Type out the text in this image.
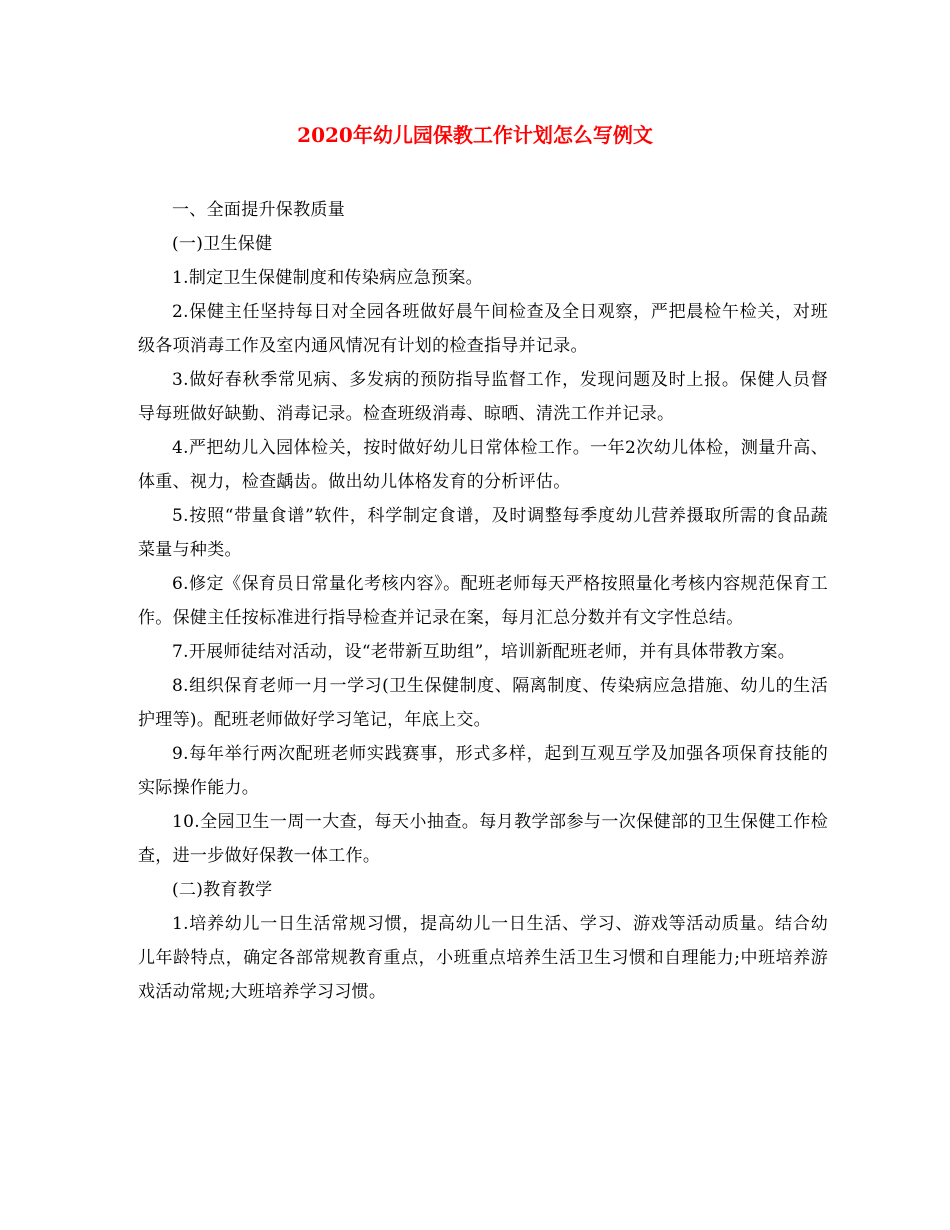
2020年幼儿园保教工作计划怎么写例文

一、全面提升保教质量

(一)卫生保健

1.制定卫生保健制度和传染病应急预案。

2.保健主任坚持每日对全园各班做好晨午间检查及全日观察，严把晨检午检关，对班级各项消毒工作及室内通风情况有计划的检查指导并记录。

3.做好春秋季常见病、多发病的预防指导监督工作，发现问题及时上报。保健人员督导每班做好缺勤、消毒记录。检查班级消毒、晾晒、清洗工作并记录。

4.严把幼儿入园体检关，按时做好幼儿日常体检工作。一年2次幼儿体检，测量升高、体重、视力，检查龋齿。做出幼儿体格发育的分析评估。

5.按照“带量食谱”软件，科学制定食谱，及时调整每季度幼儿营养摄取所需的食品蔬菜量与种类。

6.修定《保育员日常量化考核内容》。配班老师每天严格按照量化考核内容规范保育工作。保健主任按标准进行指导检查并记录在案，每月汇总分数并有文字性总结。

7.开展师徒结对活动，设“老带新互助组”，培训新配班老师，并有具体带教方案。

8.组织保育老师一月一学习(卫生保健制度、隔离制度、传染病应急措施、幼儿的生活护理等)。配班老师做好学习笔记，年底上交。

9.每年举行两次配班老师实践赛事，形式多样，起到互观互学及加强各项保育技能的实际操作能力。

10.全园卫生一周一大查，每天小抽查。每月教学部参与一次保健部的卫生保健工作检查，进一步做好保教一体工作。

(二)教育教学

1.培养幼儿一日生活常规习惯，提高幼儿一日生活、学习、游戏等活动质量。结合幼儿年龄特点，确定各部常规教育重点，小班重点培养生活卫生习惯和自理能力;中班培养游戏活动常规;大班培养学习习惯。
